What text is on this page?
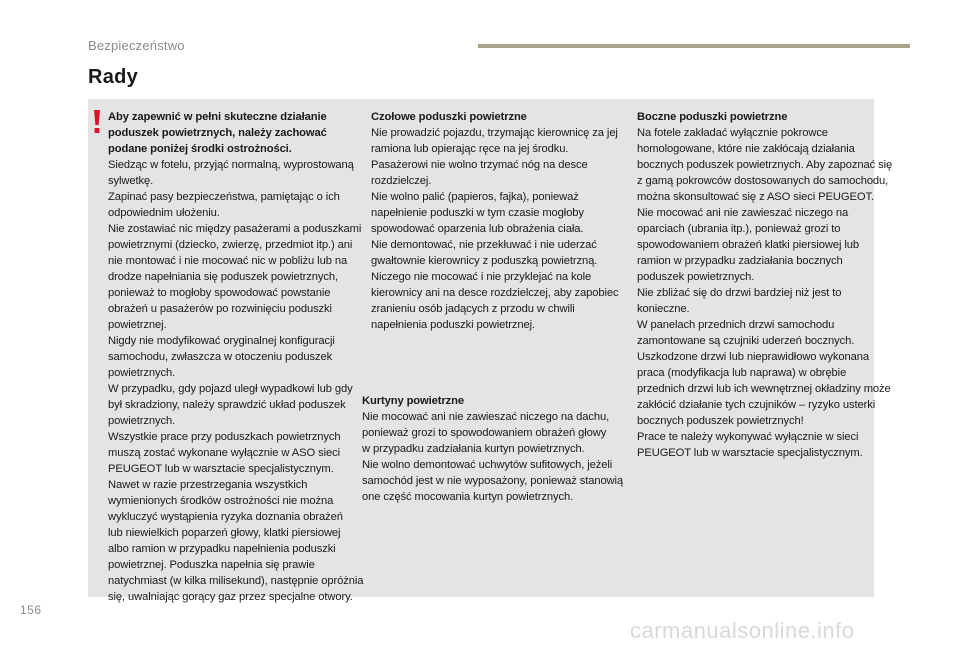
Bezpieczeństwo
Rady
Aby zapewnić w pełni skuteczne działanie
poduszek powietrznych, należy zachować
podane poniżej środki ostrożności.
Siedząc w fotelu, przyjąć normalną, wyprostowaną
sylwetkę.
Zapinać pasy bezpieczeństwa, pamiętając o ich
odpowiednim ułożeniu.
Nie zostawiać nic między pasażerami a poduszkami
powietrznymi (dziecko, zwierzę, przedmiot itp.) ani
nie montować i nie mocować nic w pobliżu lub na
drodze napełniania się poduszek powietrznych,
ponieważ to mogłoby spowodować powstanie
obrażeń u pasażerów po rozwinięciu poduszki
powietrznej.
Nigdy nie modyfikować oryginalnej konfiguracji
samochodu, zwłaszcza w otoczeniu poduszek
powietrznych.
W przypadku, gdy pojazd uległ wypadkowi lub gdy
był skradziony, należy sprawdzić układ poduszek
powietrznych.
Wszystkie prace przy poduszkach powietrznych
muszą zostać wykonane wyłącznie w ASO sieci
PEUGEOT lub w warsztacie specjalistycznym.
Nawet w razie przestrzegania wszystkich
wymienionych środków ostrożności nie można
wykluczyć wystąpienia ryzyka doznania obrażeń
lub niewielkich poparzeń głowy, klatki piersiowej
albo ramion w przypadku napełnienia poduszki
powietrznej. Poduszka napełnia się prawie
natychmiast (w kilka milisekund), następnie opróżnia
się, uwalniając gorący gaz przez specjalne otwory.
Czołowe poduszki powietrzne
Nie prowadzić pojazdu, trzymając kierownicę za jej
ramiona lub opierając ręce na jej środku.
Pasażerowi nie wolno trzymać nóg na desce
rozdzielczej.
Nie wolno palić (papieros, fajka), ponieważ
napełnienie poduszki w tym czasie mogłoby
spowodować oparzenia lub obrażenia ciała.
Nie demontować, nie przekłuwać i nie uderzać
gwałtownie kierownicy z poduszką powietrzną.
Niczego nie mocować i nie przyklejać na kole
kierownicy ani na desce rozdzielczej, aby zapobiec
zranieniu osób jadących z przodu w chwili
napełnienia poduszki powietrznej.
Kurtyny powietrzne
Nie mocować ani nie zawieszać niczego na dachu,
ponieważ grozi to spowodowaniem obrażeń głowy
w przypadku zadziałania kurtyn powietrznych.
Nie wolno demontować uchwytów sufitowych, jeżeli
samochód jest w nie wyposażony, ponieważ stanowią
one część mocowania kurtyn powietrznych.
Boczne poduszki powietrzne
Na fotele zakładać wyłącznie pokrowce
homologowane, które nie zakłócają działania
bocznych poduszek powietrznych. Aby zapoznać się
z gamą pokrowców dostosowanych do samochodu,
można skonsultować się z ASO sieci PEUGEOT.
Nie mocować ani nie zawieszać niczego na
oparciach (ubrania itp.), ponieważ grozi to
spowodowaniem obrażeń klatki piersiowej lub
ramion w przypadku zadziałania bocznych
poduszek powietrznych.
Nie zbliżać się do drzwi bardziej niż jest to
konieczne.
W panelach przednich drzwi samochodu
zamontowane są czujniki uderzeń bocznych.
Uszkodzone drzwi lub nieprawidłowo wykonana
praca (modyfikacja lub naprawa) w obrębie
przednich drzwi lub ich wewnętrznej okładziny może
zakłócić działanie tych czujników – ryzyko usterki
bocznych poduszek powietrznych!
Prace te należy wykonywać wyłącznie w sieci
PEUGEOT lub w warsztacie specjalistycznym.
156
carmanualsonline.info
